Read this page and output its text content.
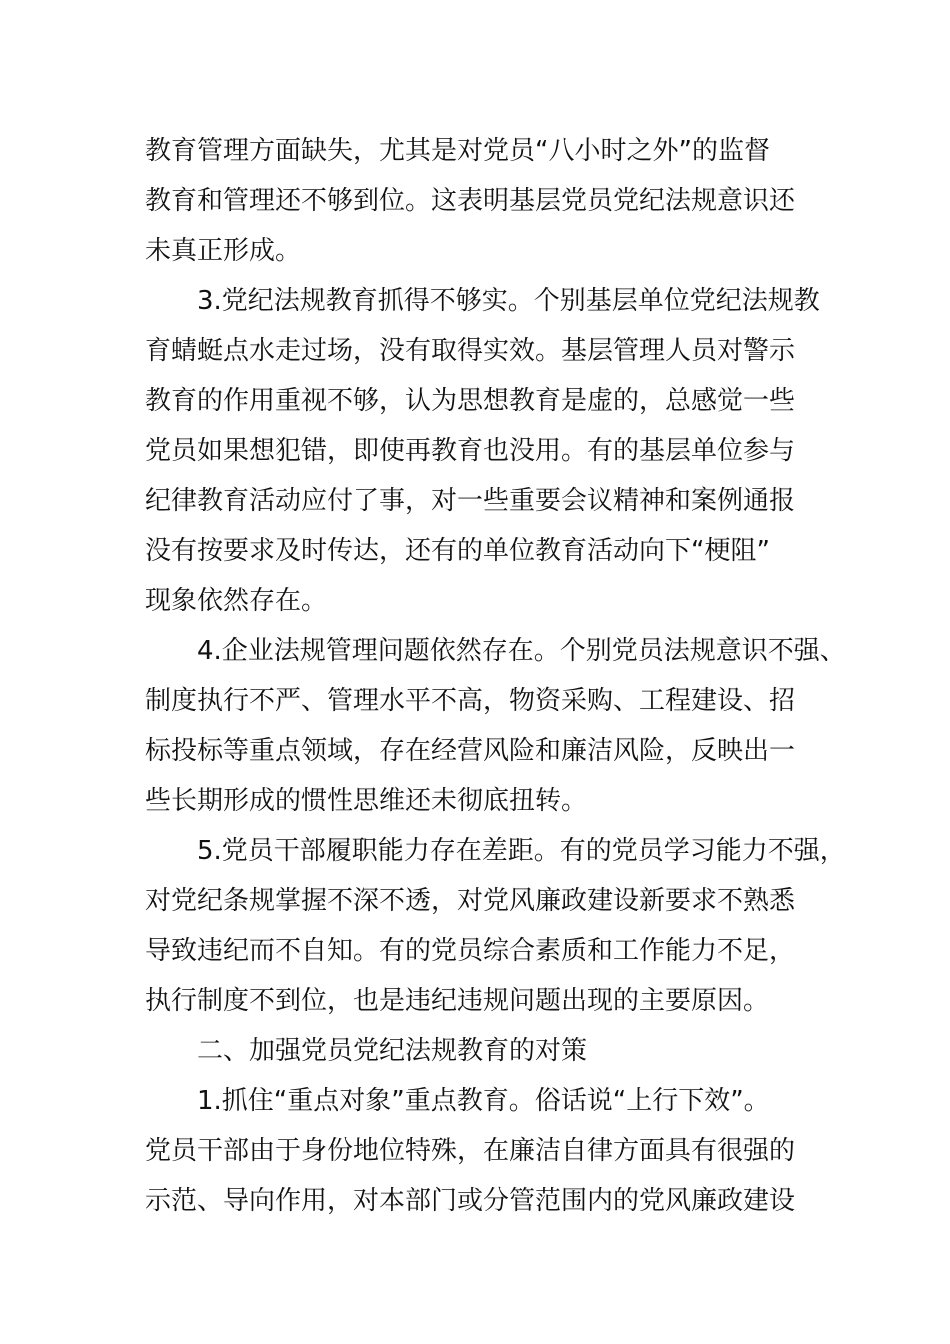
教育管理方面缺失，尤其是对党员“八小时之外”的监督
教育和管理还不够到位。这表明基层党员党纪法规意识还
未真正形成。
3.党纪法规教育抓得不够实。个别基层单位党纪法规教
育蜻蜓点水走过场，没有取得实效。基层管理人员对警示
教育的作用重视不够，认为思想教育是虚的，总感觉一些
党员如果想犯错，即使再教育也没用。有的基层单位参与
纪律教育活动应付了事，对一些重要会议精神和案例通报
没有按要求及时传达，还有的单位教育活动向下“梗阻”
现象依然存在。
4.企业法规管理问题依然存在。个别党员法规意识不强、
制度执行不严、管理水平不高，物资采购、工程建设、招
标投标等重点领域，存在经营风险和廉洁风险，反映出一
些长期形成的惯性思维还未彻底扭转。
5.党员干部履职能力存在差距。有的党员学习能力不强，
对党纪条规掌握不深不透，对党风廉政建设新要求不熟悉
导致违纪而不自知。有的党员综合素质和工作能力不足，
执行制度不到位，也是违纪违规问题出现的主要原因。
二、加强党员党纪法规教育的对策
1.抓住“重点对象”重点教育。俗话说“上行下效”。
党员干部由于身份地位特殊，在廉洁自律方面具有很强的
示范、导向作用，对本部门或分管范围内的党风廉政建设
